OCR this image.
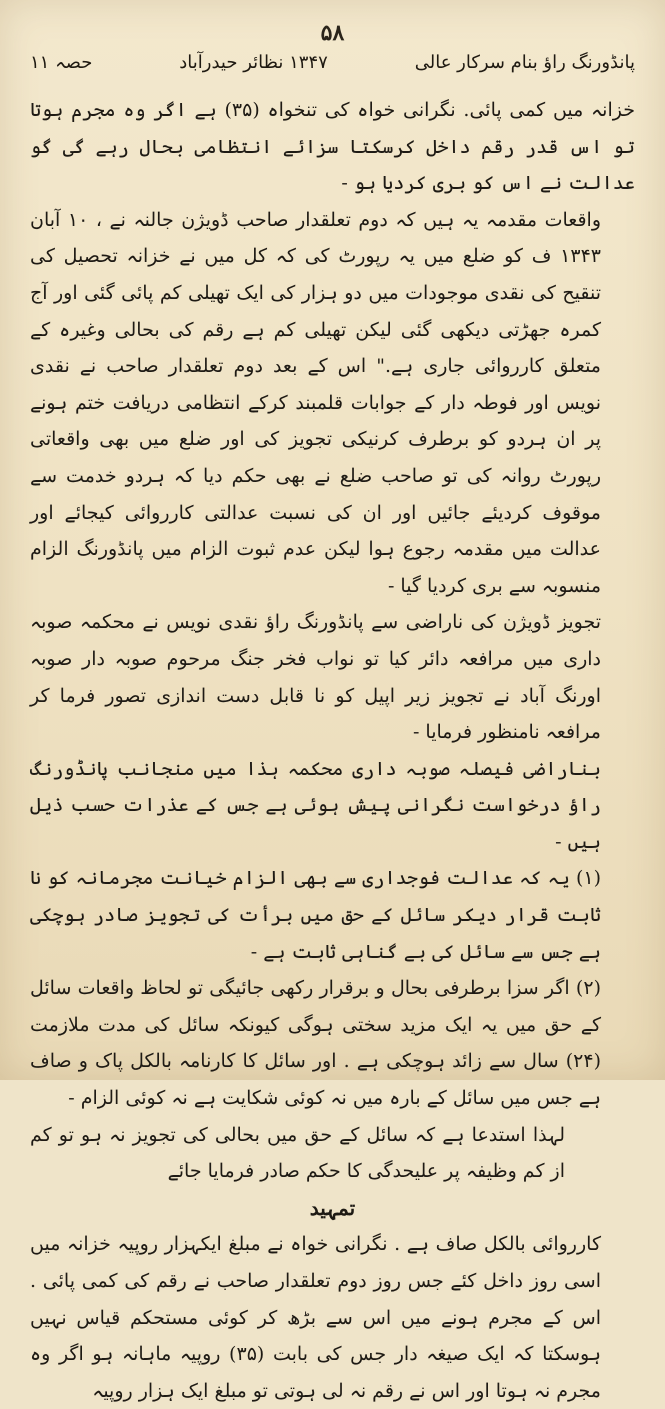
۵۸
پانڈورنگ راؤ بنام سرکار عالی
۱۳۴۷ نظائر حیدرآباد
حصہ ۱۱

خزانہ میں کمی پائی. نگرانی خواہ کی تنخواہ (۳۵) ہے اگر وہ مجرم ہوتا تو اس قدر رقم داخل کرسکتا سزائے انتظامی بحال رہے گی گو عدالت نے اس کو بری کردیا ہو -

واقعات مقدمہ یہ ہیں کہ دوم تعلقدار صاحب ڈویژن جالنہ نے ، ۱۰ آبان ۱۳۴۳ ف کو ضلع میں یہ رپورٹ کی کہ کل میں نے خزانہ تحصیل کی تنقیح کی نقدی موجودات میں دو ہزار کی ایک تھیلی کم پائی گئی اور آج کمرہ جھڑتی دیکھی گئی لیکن تھیلی کم ہے رقم کی بحالی وغیرہ کے متعلق کارروائی جاری ہے." اس کے بعد دوم تعلقدار صاحب نے نقدی نویس اور فوطہ دار کے جوابات قلمبند کرکے انتظامی دریافت ختم ہونے پر ان ہردو کو برطرف کرنیکی تجویز کی اور ضلع میں بھی واقعاتی رپورٹ روانہ کی تو صاحب ضلع نے بھی حکم دیا کہ ہردو خدمت سے موقوف کردیئے جائیں اور ان کی نسبت عدالتی کارروائی کیجائے اور عدالت میں مقدمہ رجوع ہوا لیکن عدم ثبوت الزام میں پانڈورنگ الزام منسوبہ سے بری کردیا گیا -

تجویز ڈویژن کی ناراضی سے پانڈورنگ راؤ نقدی نویس نے محکمہ صوبہ داری میں مرافعہ دائر کیا تو نواب فخر جنگ مرحوم صوبہ دار صوبہ اورنگ آباد نے تجویز زیر اپیل کو نا قابل دست اندازی تصور فرما کر مرافعہ نامنظور فرمایا -

بناراضی فیصلہ صوبہ داری محکمہ ہذا میں منجانب پانڈورنگ راؤ درخواست نگرانی پیش ہوئی ہے جس کے عذرات حسب ذیل ہیں -

(۱) یہ کہ عدالت فوجداری سے بھی الزام خیانت مجرمانہ کو نا ثابت قرار دیکر سائل کے حق میں برأت کی تجویز صادر ہوچکی ہے جس سے سائل کی بے گناہی ثابت ہے -

(۲) اگر سزا برطرفی بحال و برقرار رکھی جائیگی تو لحاظ واقعات سائل کے حق میں یہ ایک مزید سختی ہوگی کیونکہ سائل کی مدت ملازمت (۲۴) سال سے زائد ہوچکی ہے . اور سائل کا کارنامہ بالکل پاک و صاف ہے جس میں سائل کے بارہ میں نہ کوئی شکایت ہے نہ کوئی الزام -

لہذا استدعا ہے کہ سائل کے حق میں بحالی کی تجویز نہ ہو تو کم از کم وظیفہ پر علیحدگی کا حکم صادر فرمایا جائے

تمہید

کارروائی بالکل صاف ہے . نگرانی خواہ نے مبلغ ایکہزار روپیہ خزانہ میں اسی روز داخل کئے جس روز دوم تعلقدار صاحب نے رقم کی کمی پائی . اس کے مجرم ہونے میں اس سے بڑھ کر کوئی مستحکم قیاس نہیں ہوسکتا کہ ایک صیغہ دار جس کی بابت (۳۵) روپیہ ماہانہ ہو اگر وہ مجرم نہ ہوتا اور اس نے رقم نہ لی ہوتی تو مبلغ ایک ہزار روپیہ
